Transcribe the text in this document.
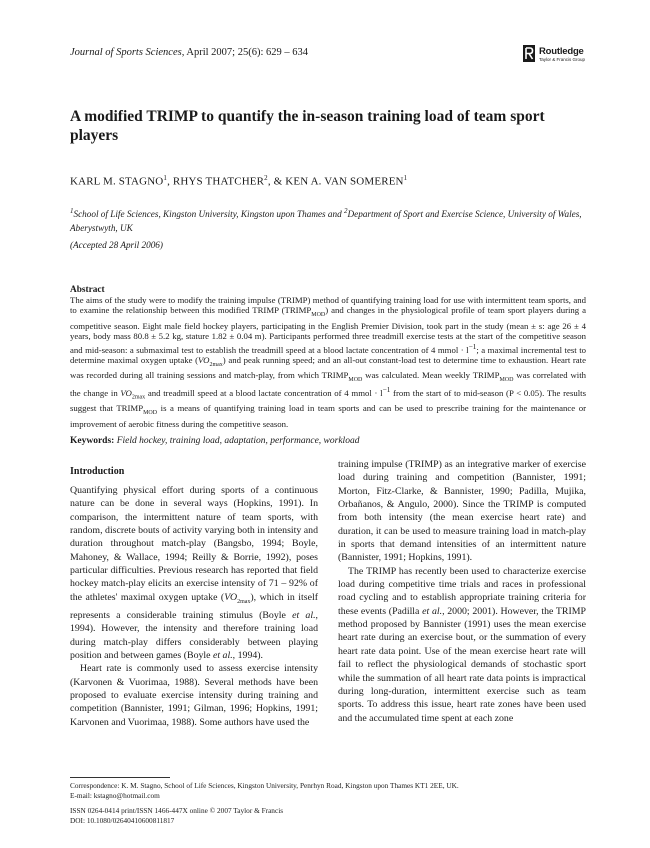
Journal of Sports Sciences, April 2007; 25(6): 629 – 634	Routledge
Taylor & Francis Group
A modified TRIMP to quantify the in-season training load of team sport players
KARL M. STAGNO$^1$, RHYS THATCHER$^2$, & KEN A. VAN SOMEREN$^1$
$^1$School of Life Sciences, Kingston University, Kingston upon Thames and $^2$Department of Sport and Exercise Science, University of Wales, Aberystwyth, UK
(Accepted 28 April 2006)
Abstract

The aims of the study were to modify the training impulse (TRIMP) method of quantifying training load for use with intermittent team sports, and to examine the relationship between this modified TRIMP $(TRIMP_{MOD})$ and changes in the physiological profile of team sport players during a competitive season. Eight male field hockey players, participating in the English Premier Division, took part in the study (mean ± s: age 26 ± 4 years, body mass 80.8 ± 5.2 kg, stature 1.82 ± 0.04 m). Participants performed three treadmill exercise tests at the start of the competitive season and mid-season: a submaximal test to establish the treadmill speed at a blood lactate concentration of 4 mmol · $l^{-1}$; a maximal incremental test to determine maximal oxygen uptake $(VO_{2max})$ and peak running speed; and an all-out constant-load test to determine time to exhaustion. Heart rate was recorded during all training sessions and match-play, from which $TRIMP_{MOD}$ was calculated. Mean weekly $TRIMP_{MOD}$ was correlated with the change in $VO_{2max}$ and treadmill speed at a blood lactate concentration of 4 mmol · $l^{-1}$ from the start of to mid-season (P < 0.05). The results suggest that $TRIMP_{MOD}$ is a means of quantifying training load in team sports and can be used to prescribe training for the maintenance or improvement of aerobic fitness during the competitive season.

Keywords: Field hockey, training load, adaptation, performance, workload
Introduction

Quantifying physical effort during sports of a continuous nature can be done in several ways (Hopkins, 1991). In comparison, the intermittent nature of team sports, with random, discrete bouts of activity varying both in intensity and duration throughout match-play (Bangsbo, 1994; Boyle, Mahoney, & Wallace, 1994; Reilly & Borrie, 1992), poses particular difficulties. Previous research has reported that field hockey match-play elicits an exercise intensity of 71 – 92% of the athletes' maximal oxygen uptake $(VO_{2max})$, which in itself represents a considerable training stimulus (Boyle et al., 1994). However, the intensity and therefore training load during match-play differs considerably between playing position and between games (Boyle et al., 1994).

Heart rate is commonly used to assess exercise intensity (Karvonen & Vuorimaa, 1988). Several methods have been proposed to evaluate exercise intensity during training and competition (Bannister, 1991; Gilman, 1996; Hopkins, 1991; Karvonen and Vuorimaa, 1988). Some authors have used the

training impulse (TRIMP) as an integrative marker of exercise load during training and competition (Bannister, 1991; Morton, Fitz-Clarke, & Bannister, 1990; Padilla, Mujika, Orbañanos, & Angulo, 2000). Since the TRIMP is computed from both intensity (the mean exercise heart rate) and duration, it can be used to measure training load in match-play in sports that demand intensities of an intermittent nature (Bannister, 1991; Hopkins, 1991).

The TRIMP has recently been used to characterize exercise load during competitive time trials and races in professional road cycling and to establish appropriate training criteria for these events (Padilla et al., 2000; 2001). However, the TRIMP method proposed by Bannister (1991) uses the mean exercise heart rate during an exercise bout, or the summation of every heart rate data point. Use of the mean exercise heart rate will fail to reflect the physiological demands of stochastic sport while the summation of all heart rate data points is impractical during long-duration, intermittent exercise such as team sports. To address this issue, heart rate zones have been used and the accumulated time spent at each zone

Correspondence: K. M. Stagno, School of Life Sciences, Kingston University, Penrhyn Road, Kingston upon Thames KT1 2EE, UK.
E-mail: kstagno@hotmail.com
ISSN 0264-0414 print/ISSN 1466-447X online © 2007 Taylor & Francis
DOI: 10.1080/02640410600811817
